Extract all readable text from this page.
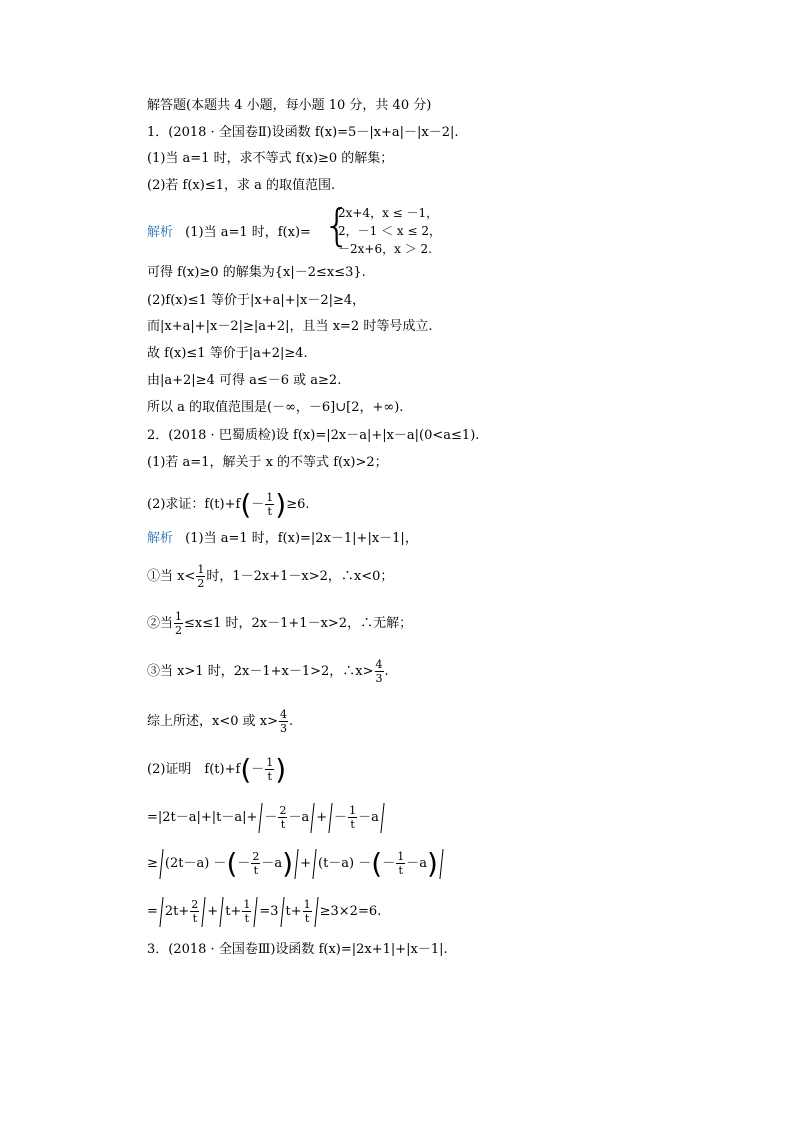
解答题(本题共 4 小题，每小题 10 分，共 40 分)
1．(2018 · 全国卷Ⅱ)设函数 f(x)=5－|x+a|－|x－2|.
(1)当 a=1 时，求不等式 f(x)≥0 的解集；
(2)若 f(x)≤1，求 a 的取值范围.
解析 (1)当 a=1 时，f(x)= {
2x+4，x ≤ －1，
2，－1 ＜ x ≤ 2，
－2x+6，x ＞ 2.
可得 f(x)≥0 的解集为{x|－2≤x≤3}.
(2)f(x)≤1 等价于|x+a|+|x－2|≥4，
而|x+a|+|x－2|≥|a+2|，且当 x=2 时等号成立.
故 f(x)≤1 等价于|a+2|≥4.
由|a+2|≥4 可得 a≤－6 或 a≥2.
所以 a 的取值范围是(－∞，－6]∪[2，+∞).
2．(2018 · 巴蜀质检)设 f(x)=|2x－a|+|x－a|(0<a≤1).
(1)若 a=1，解关于 x 的不等式 f(x)>2；
(2)求证：$f(t)+f(- \frac{1}{t} )\ge 6$.
解析 (1)当 a=1 时，f(x)=|2x－1|+|x－1|，
①当 $x< \frac{1}{2}$ 时，1－2x+1－x>2，∴x<0；
②当 $\frac{1}{2} \le x\le 1$ 时，2x－1+1－x>2，∴无解；
③当 x>1 时，2x－1+x－1>2，∴x> $\frac{4}{3}$ .
综上所述，x<0 或 $x> \frac{4}{3}$ .
(2)证明　$f(t)+f(- \frac{1}{t}$ )
$=|2t-a|+|t-a|+ - \frac{2}{t} -a$ + － $\frac{1}{t} -a$
≥ (2t－a) －(－ $\frac{2}{t} -a) + (t-a)$ －(－ $\frac{1}{t} -a$)
= $2t+ \frac{2}{t} + t+ \frac{1}{t} =3$ $t+ \frac{1}{t} \ge 3\times 2=6$.
3．(2018 · 全国卷Ⅲ)设函数 f(x)=|2x+1|+|x－1|.
